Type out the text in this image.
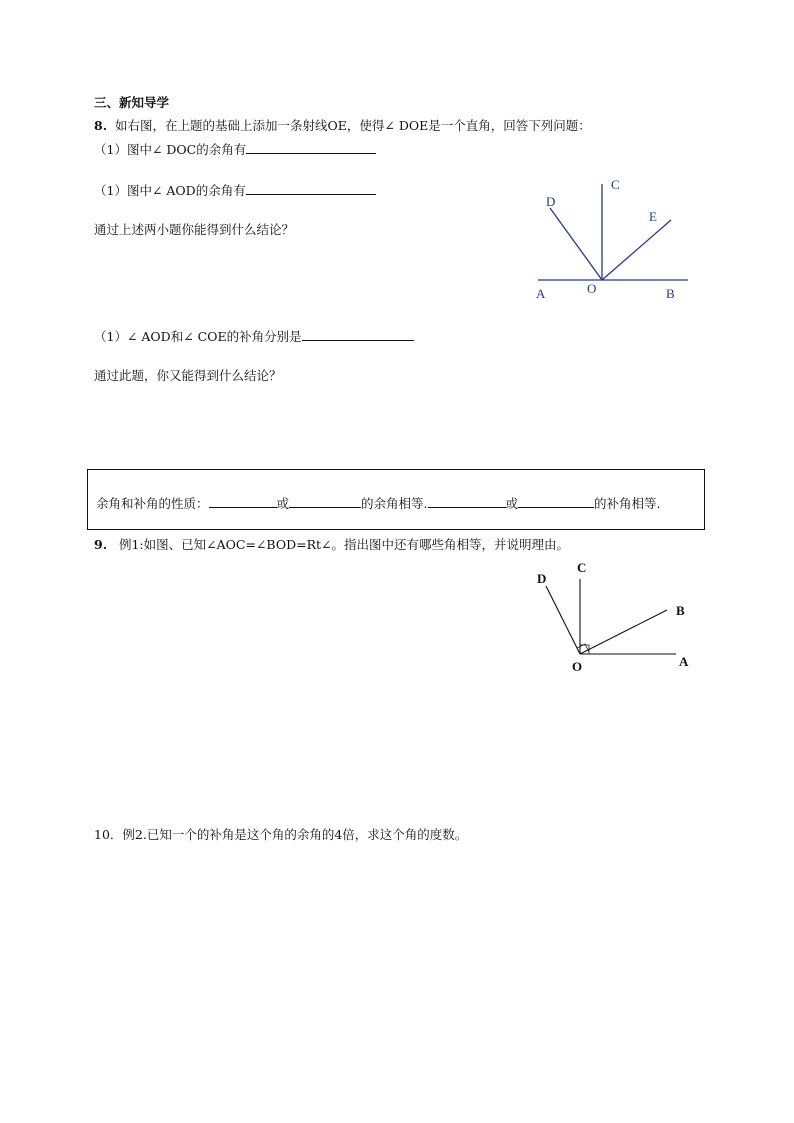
三、新知导学
8. 如右图，在上题的基础上添加一条射线OE，使得∠ DOE是一个直角，回答下列问题：
（1）图中∠ DOC的余角有
（1）图中∠ AOD的余角有
通过上述两小题你能得到什么结论？
（1）∠ AOD和∠ COE的补角分别是
通过此题，你又能得到什么结论？
D
C
E
A	O	B
余角和补角的性质：	或	的余角相等.	或	的补角相等.
9. 例1:如图、已知∠AOC=∠BOD=Rt∠。指出图中还有哪些角相等，并说明理由。
D
C
B
O	A
10．例2.已知一个的补角是这个角的余角的4倍，求这个角的度数。
